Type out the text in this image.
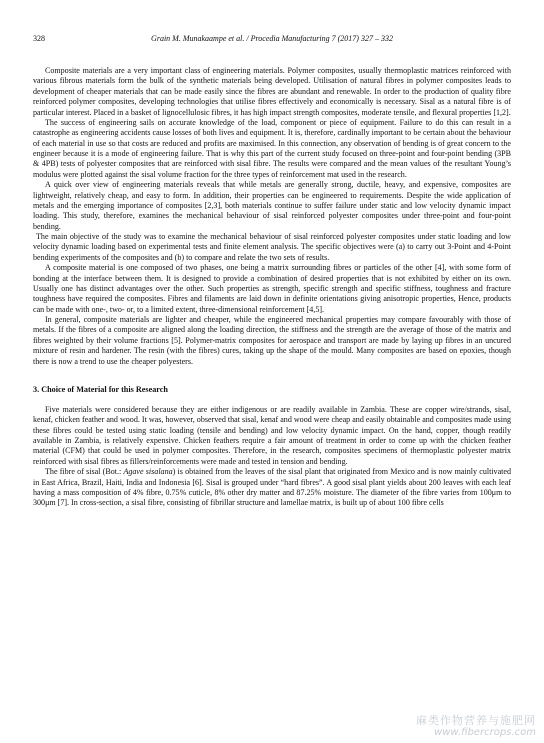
328	Grain M. Munakaampe et al. / Procedia Manufacturing 7 (2017) 327 – 332

Composite materials are a very important class of engineering materials. Polymer composites, usually thermoplastic matrices reinforced with various fibrous materials form the bulk of the synthetic materials being developed. Utilisation of natural fibres in polymer composites leads to development of cheaper materials that can be made easily since the fibres are abundant and renewable. In order to the production of quality fibre reinforced polymer composites, developing technologies that utilise fibres effectively and economically is necessary. Sisal as a natural fibre is of particular interest. Placed in a basket of lignocellulosic fibres, it has high impact strength composites, moderate tensile, and flexural properties [1,2].

The success of engineering sails on accurate knowledge of the load, component or piece of equipment. Failure to do this can result in a catastrophe as engineering accidents cause losses of both lives and equipment. It is, therefore, cardinally important to be certain about the behaviour of each material in use so that costs are reduced and profits are maximised. In this connection, any observation of bending is of great concern to the engineer because it is a mode of engineering failure. That is why this part of the current study focused on three-point and four-point bending (3PB & 4PB) tests of polyester composites that are reinforced with sisal fibre. The results were compared and the mean values of the resultant Young’s modulus were plotted against the sisal volume fraction for the three types of reinforcement mat used in the research.

A quick over view of engineering materials reveals that while metals are generally strong, ductile, heavy, and expensive, composites are lightweight, relatively cheap, and easy to form. In addition, their properties can be engineered to requirements. Despite the wide application of metals and the emerging importance of composites [2,3], both materials continue to suffer failure under static and low velocity dynamic impact loading. This study, therefore, examines the mechanical behaviour of sisal reinforced polyester composites under three-point and four-point bending.

The main objective of the study was to examine the mechanical behaviour of sisal reinforced polyester composites under static loading and low velocity dynamic loading based on experimental tests and finite element analysis. The specific objectives were (a) to carry out 3-Point and 4-Point bending experiments of the composites and (b) to compare and relate the two sets of results.

A composite material is one composed of two phases, one being a matrix surrounding fibres or particles of the other [4], with some form of bonding at the interface between them. It is designed to provide a combination of desired properties that is not exhibited by either on its own. Usually one has distinct advantages over the other. Such properties as strength, specific strength and specific stiffness, toughness and fracture toughness have required the composites. Fibres and filaments are laid down in definite orientations giving anisotropic properties, Hence, products can be made with one-, two- or, to a limited extent, three-dimensional reinforcement [4,5].

In general, composite materials are lighter and cheaper, while the engineered mechanical properties may compare favourably with those of metals. If the fibres of a composite are aligned along the loading direction, the stiffness and the strength are the average of those of the matrix and fibres weighted by their volume fractions [5]. Polymer-matrix composites for aerospace and transport are made by laying up fibres in an uncured mixture of resin and hardener. The resin (with the fibres) cures, taking up the shape of the mould. Many composites are based on epoxies, though there is now a trend to use the cheaper polyesters.

3. Choice of Material for this Research

Five materials were considered because they are either indigenous or are readily available in Zambia. These are copper wire/strands, sisal, kenaf, chicken feather and wood. It was, however, observed that sisal, kenaf and wood were cheap and easily obtainable and composites made using these fibres could be tested using static loading (tensile and bending) and low velocity dynamic impact. On the hand, copper, though readily available in Zambia, is relatively expensive. Chicken feathers require a fair amount of treatment in order to come up with the chicken feather material (CFM) that could be used in polymer composites. Therefore, in the research, composites specimens of thermoplastic polyester matrix reinforced with sisal fibres as fillers/reinforcements were made and tested in tension and bending.

The fibre of sisal (Bot.: Agave sisalana) is obtained from the leaves of the sisal plant that originated from Mexico and is now mainly cultivated in East Africa, Brazil, Haiti, India and Indonesia [6]. Sisal is grouped under “hard fibres”. A good sisal plant yields about 200 leaves with each leaf having a mass composition of 4% fibre, 0.75% cuticle, 8% other dry matter and 87.25% moisture. The diameter of the fibre varies from 100μm to 300μm [7]. In cross-section, a sisal fibre, consisting of fibrillar structure and lamellae matrix, is built up of about 100 fibre cells

麻类作物营养与施肥网
www.fibercrops.com
